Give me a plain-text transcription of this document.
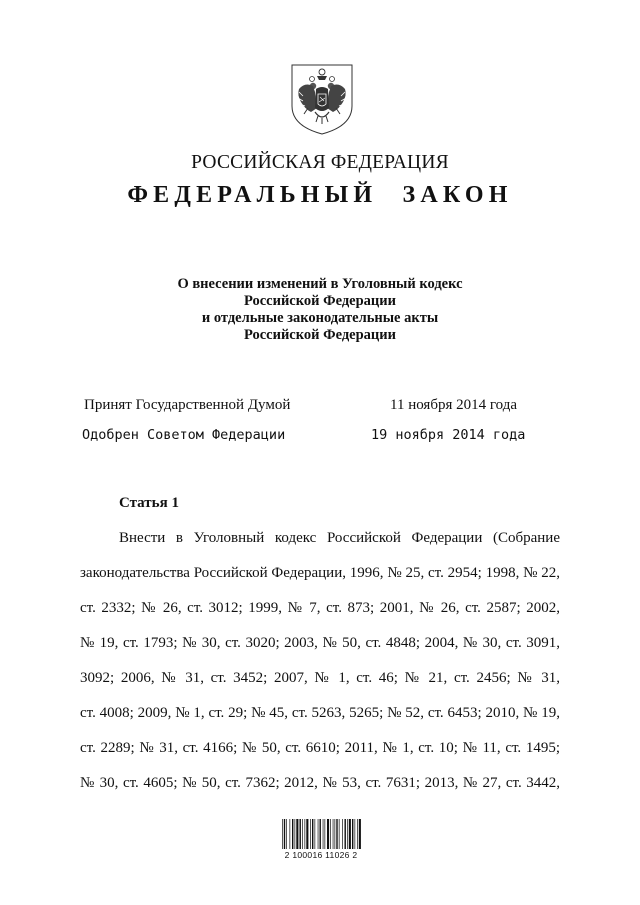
РОССИЙСКАЯ ФЕДЕРАЦИЯ
ФЕДЕРАЛЬНЫЙ ЗАКОН
О внесении изменений в Уголовный кодекс
Российской Федерации
и отдельные законодательные акты
Российской Федерации
Принят Государственной Думой	11 ноября 2014 года
Одобрен Советом Федерации	19 ноября 2014 года
Статья 1
Внести в Уголовный кодекс Российской Федерации (Собрание
законодательства Российской Федерации, 1996, № 25, ст. 2954; 1998, № 22,
ст. 2332; № 26, ст. 3012; 1999, № 7, ст. 873; 2001, № 26, ст. 2587; 2002,
№ 19, ст. 1793; № 30, ст. 3020; 2003, № 50, ст. 4848; 2004, № 30, ст. 3091,
3092; 2006, № 31, ст. 3452; 2007, № 1, ст. 46; № 21, ст. 2456; № 31,
ст. 4008; 2009, № 1, ст. 29; № 45, ст. 5263, 5265; № 52, ст. 6453; 2010, № 19,
ст. 2289; № 31, ст. 4166; № 50, ст. 6610; 2011, № 1, ст. 10; № 11, ст. 1495;
№ 30, ст. 4605; № 50, ст. 7362; 2012, № 53, ст. 7631; 2013, № 27, ст. 3442,
2 100016 11026 2
